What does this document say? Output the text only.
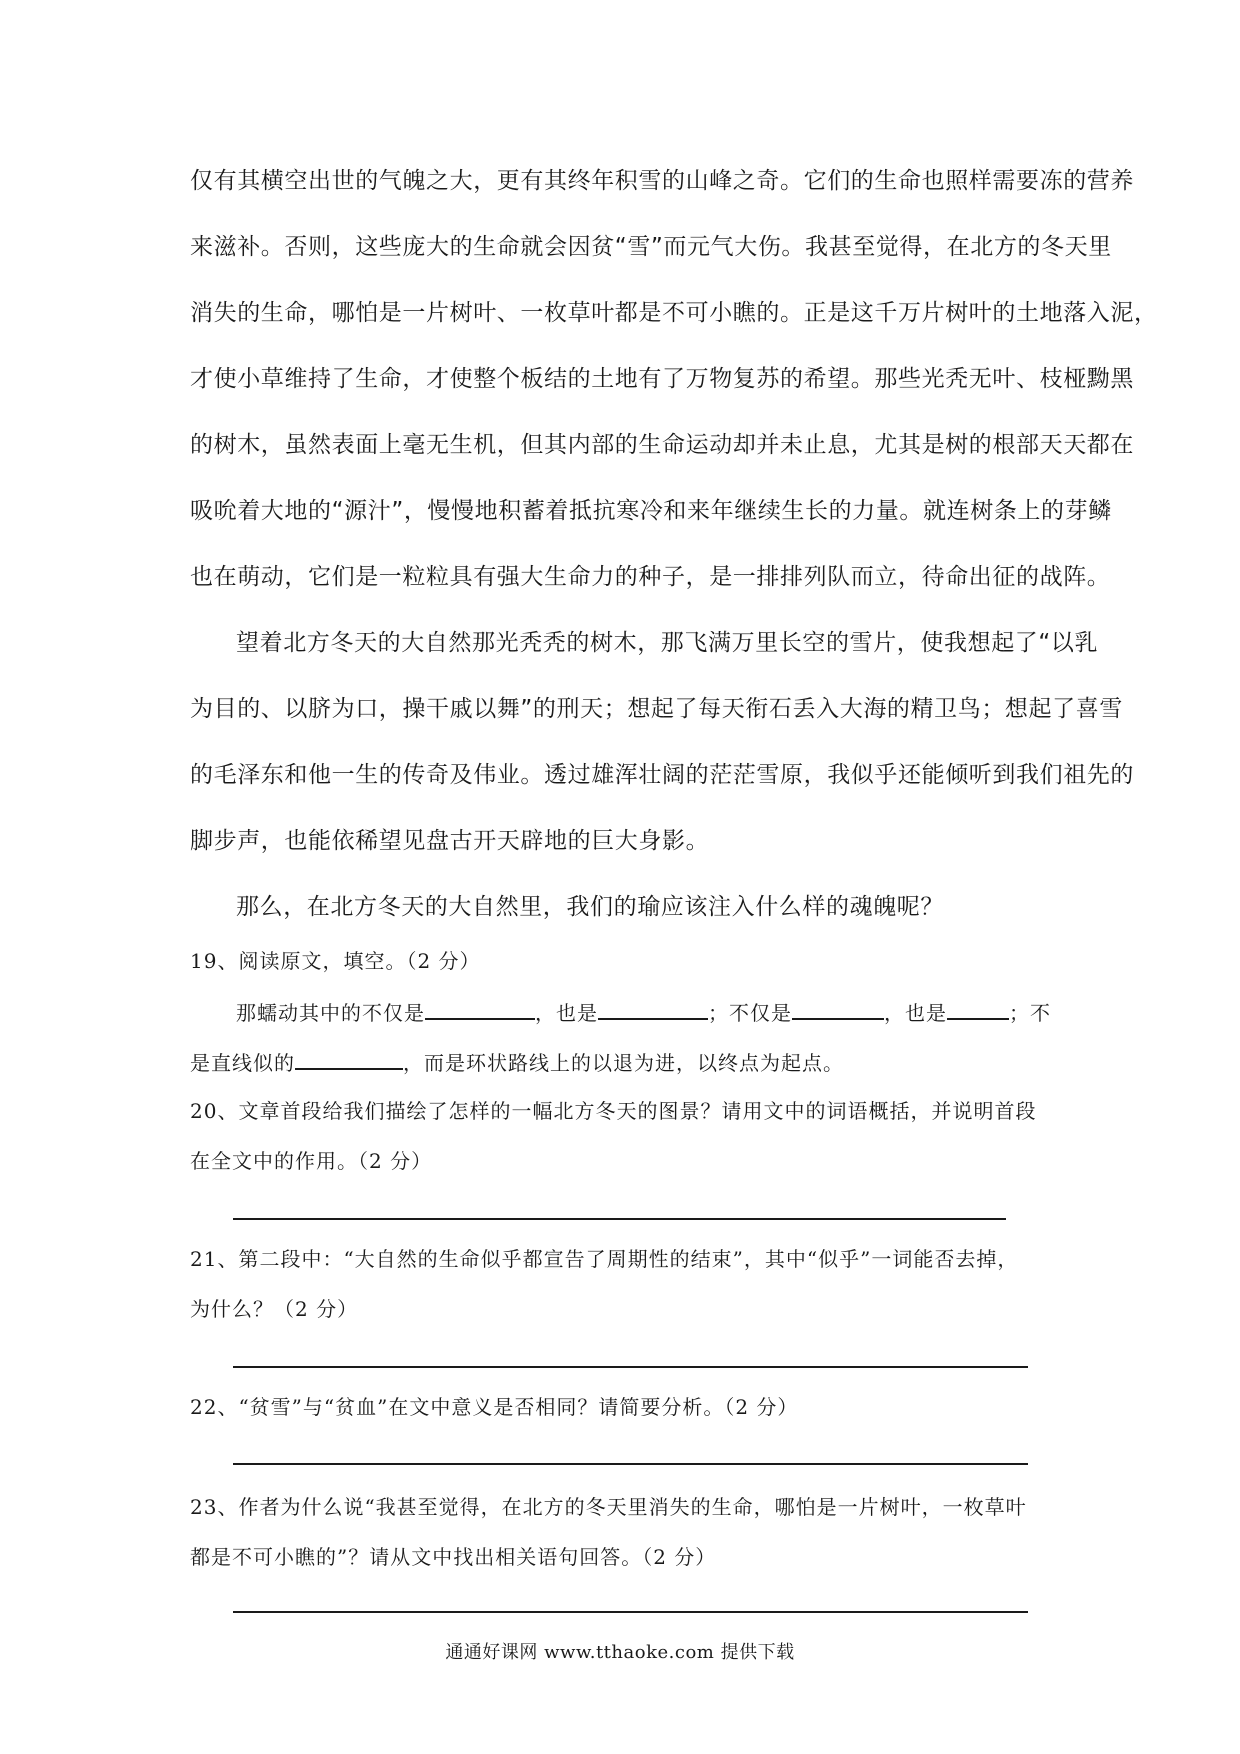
仅有其横空出世的气魄之大，更有其终年积雪的山峰之奇。它们的生命也照样需要冻的营养
来滋补。否则，这些庞大的生命就会因贫“雪”而元气大伤。我甚至觉得，在北方的冬天里
消失的生命，哪怕是一片树叶、一枚草叶都是不可小瞧的。正是这千万片树叶的土地落入泥，
才使小草维持了生命，才使整个板结的土地有了万物复苏的希望。那些光秃无叶、枝桠黝黑
的树木，虽然表面上毫无生机，但其内部的生命运动却并未止息，尤其是树的根部天天都在
吸吮着大地的“源汁”，慢慢地积蓄着抵抗寒冷和来年继续生长的力量。就连树条上的芽鳞
也在萌动，它们是一粒粒具有强大生命力的种子，是一排排列队而立，待命出征的战阵。
望着北方冬天的大自然那光秃秃的树木，那飞满万里长空的雪片，使我想起了“以乳
为目的、以脐为口，操干戚以舞”的刑天；想起了每天衔石丢入大海的精卫鸟；想起了喜雪
的毛泽东和他一生的传奇及伟业。透过雄浑壮阔的茫茫雪原，我似乎还能倾听到我们祖先的
脚步声，也能依稀望见盘古开天辟地的巨大身影。
那么，在北方冬天的大自然里，我们的瑜应该注入什么样的魂魄呢？
19、阅读原文，填空。（2 分）
那蠕动其中的不仅是	，也是	；不仅是	，也是	；不
是直线似的	，而是环状路线上的以退为进，以终点为起点。
20、文章首段给我们描绘了怎样的一幅北方冬天的图景？请用文中的词语概括，并说明首段
在全文中的作用。（2 分）
21、第二段中：“大自然的生命似乎都宣告了周期性的结束”，其中“似乎”一词能否去掉，
为什么？（2 分）
22、“贫雪”与“贫血”在文中意义是否相同？请简要分析。（2 分）
23、作者为什么说“我甚至觉得，在北方的冬天里消失的生命，哪怕是一片树叶，一枚草叶
都是不可小瞧的”？请从文中找出相关语句回答。（2 分）
通通好课网 www.tthaoke.com 提供下载
